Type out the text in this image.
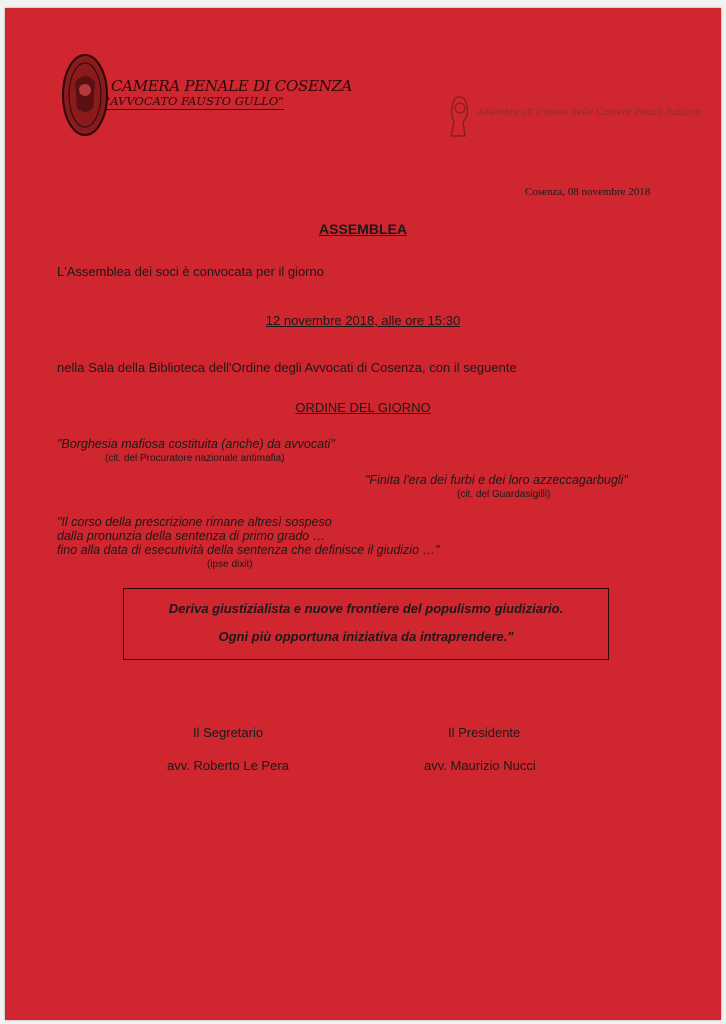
CAMERA PENALE DI COSENZA
"AVVOCATO FAUSTO GULLO"
Aderente all'Unione delle Camere Penali Italiane
Cosenza, 08 novembre 2018
ASSEMBLEA
L'Assemblea dei soci è convocata per il giorno
12 novembre 2018, alle ore 15:30
nella Sala della Biblioteca dell'Ordine degli Avvocati di Cosenza, con il seguente
ORDINE DEL GIORNO
"Borghesia mafiosa costituita (anche) da avvocati"
(cit. del Procuratore nazionale antimafia)
"Finita l'era dei furbi e dei loro azzeccagarbugli"
(cit. del Guardasigilli)
"Il corso della prescrizione rimane altresì sospeso
dalla pronunzia della sentenza di primo grado …
fino alla data di esecutività della sentenza che definisce il giudizio …"
(ipse dixit)
Deriva giustizialista e nuove frontiere del populismo giudiziario.
Ogni più opportuna iniziativa da intraprendere."
Il Segretario
avv. Roberto Le Pera
Il Presidente
avv. Maurizio Nucci
